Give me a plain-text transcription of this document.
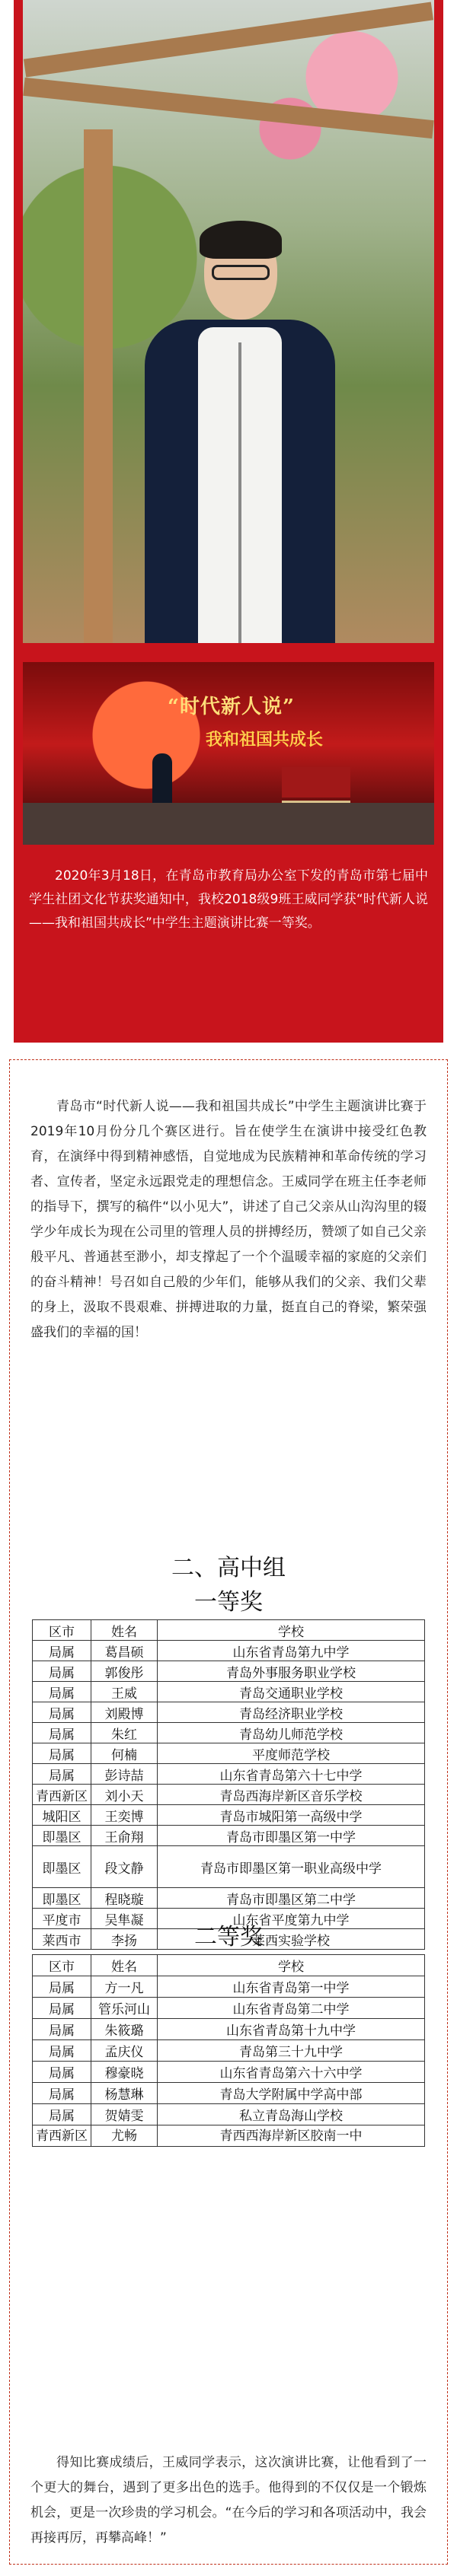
“时代新人说”
我和祖国共成长
2020年3月18日，在青岛市教育局办公室下发的青岛市第七届中学生社团文化节获奖通知中，我校2018级9班王威同学获“时代新人说——我和祖国共成长”中学生主题演讲比赛一等奖。
青岛市“时代新人说——我和祖国共成长”中学生主题演讲比赛于2019年10月份分几个赛区进行。旨在使学生在演讲中接受红色教育，在演绎中得到精神感悟，自觉地成为民族精神和革命传统的学习者、宣传者，坚定永远跟党走的理想信念。王威同学在班主任李老师的指导下，撰写的稿件“以小见大”，讲述了自己父亲从山沟沟里的辍学少年成长为现在公司里的管理人员的拼搏经历，赞颂了如自己父亲般平凡、普通甚至渺小，却支撑起了一个个温暖幸福的家庭的父亲们的奋斗精神！号召如自己般的少年们，能够从我们的父亲、我们父辈的身上，汲取不畏艰难、拼搏进取的力量，挺直自己的脊梁，繁荣强盛我们的幸福的国！
二、高中组
一等奖
区市	姓名	学校
局属	葛昌硕	山东省青岛第九中学
局属	郭俊彤	青岛外事服务职业学校
局属	王威	青岛交通职业学校
局属	刘殿博	青岛经济职业学校
局属	朱红	青岛幼儿师范学校
局属	何楠	平度师范学校
局属	彭诗喆	山东省青岛第六十七中学
青西新区	刘小天	青岛西海岸新区音乐学校
城阳区	王奕博	青岛市城阳第一高级中学
即墨区	王俞翔	青岛市即墨区第一中学
即墨区	段文静	青岛市即墨区第一职业高级中学
即墨区	程晓璇	青岛市即墨区第二中学
平度市	吴隼凝	山东省平度第九中学
莱西市	李扬	莱西实验学校
二等奖
区市	姓名	学校
局属	方一凡	山东省青岛第一中学
局属	管乐河山	山东省青岛第二中学
局属	朱筱璐	山东省青岛第十九中学
局属	孟庆仪	青岛第三十九中学
局属	穆豪晓	山东省青岛第六十六中学
局属	杨慧琳	青岛大学附属中学高中部
局属	贺婧雯	私立青岛海山学校
青西新区	尤畅	青西西海岸新区胶南一中
得知比赛成绩后，王威同学表示，这次演讲比赛，让他看到了一个更大的舞台，遇到了更多出色的选手。他得到的不仅仅是一个锻炼机会，更是一次珍贵的学习机会。“在今后的学习和各项活动中，我会再接再厉，再攀高峰！”
